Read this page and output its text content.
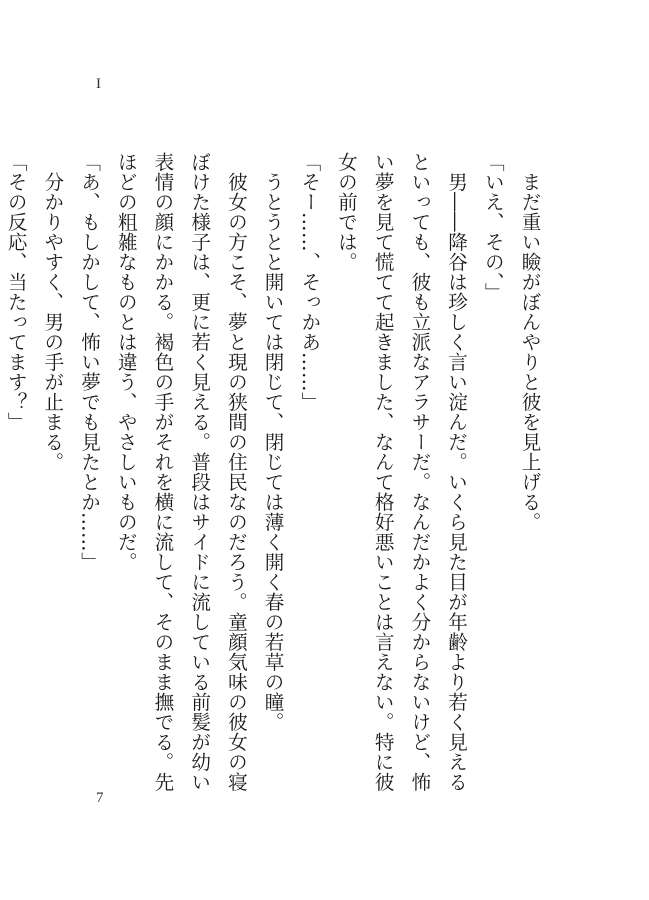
I

まだ重い瞼がぼんやりと彼を見上げる。

「いえ、その、」

男――降谷は珍しく言い淀んだ。いくら見た目が年齢より若く見えるといっても、彼も立派なアラサーだ。なんだかよく分からないけど、怖い夢を見て慌てて起きました、なんて格好悪いことは言えない。特に彼女の前では。

「そー……、そっかあ……」

うとうとと開いては閉じて、閉じては薄く開く春の若草の瞳。

彼女の方こそ、夢と現の狭間の住民なのだろう。童顔気味の彼女の寝ぼけた様子は、更に若く見える。普段はサイドに流している前髪が幼い表情の顔にかかる。褐色の手がそれを横に流して、そのまま撫でる。先ほどの粗雑なものとは違う、やさしいものだ。

「あ、もしかして、怖い夢でも見たとか……」

分かりやすく、男の手が止まる。

「その反応、当たってます？」

7
